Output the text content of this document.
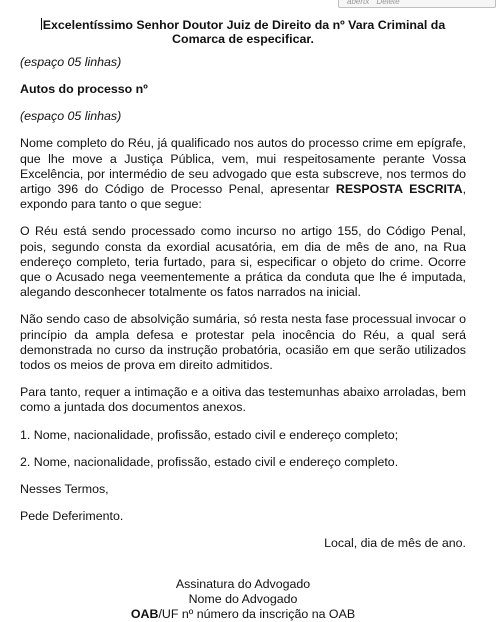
abertx Delete

Excelentíssimo Senhor Doutor Juiz de Direito da nº Vara Criminal da Comarca de especificar.

(espaço 05 linhas)

Autos do processo nº

(espaço 05 linhas)

Nome completo do Réu, já qualificado nos autos do processo crime em epígrafe, que lhe move a Justiça Pública, vem, mui respeitosamente perante Vossa Excelência, por intermédio de seu advogado que esta subscreve, nos termos do artigo 396 do Código de Processo Penal, apresentar RESPOSTA ESCRITA, expondo para tanto o que segue:

O Réu está sendo processado como incurso no artigo 155, do Código Penal, pois, segundo consta da exordial acusatória, em dia de mês de ano, na Rua endereço completo, teria furtado, para si, especificar o objeto do crime. Ocorre que o Acusado nega veementemente a prática da conduta que lhe é imputada, alegando desconhecer totalmente os fatos narrados na inicial.

Não sendo caso de absolvição sumária, só resta nesta fase processual invocar o princípio da ampla defesa e protestar pela inocência do Réu, a qual será demonstrada no curso da instrução probatória, ocasião em que serão utilizados todos os meios de prova em direito admitidos.

Para tanto, requer a intimação e a oitiva das testemunhas abaixo arroladas, bem como a juntada dos documentos anexos.

1. Nome, nacionalidade, profissão, estado civil e endereço completo;

2. Nome, nacionalidade, profissão, estado civil e endereço completo.

Nesses Termos,

Pede Deferimento.

Local, dia de mês de ano.

Assinatura do Advogado

Nome do Advogado

OAB/UF nº número da inscrição na OAB
